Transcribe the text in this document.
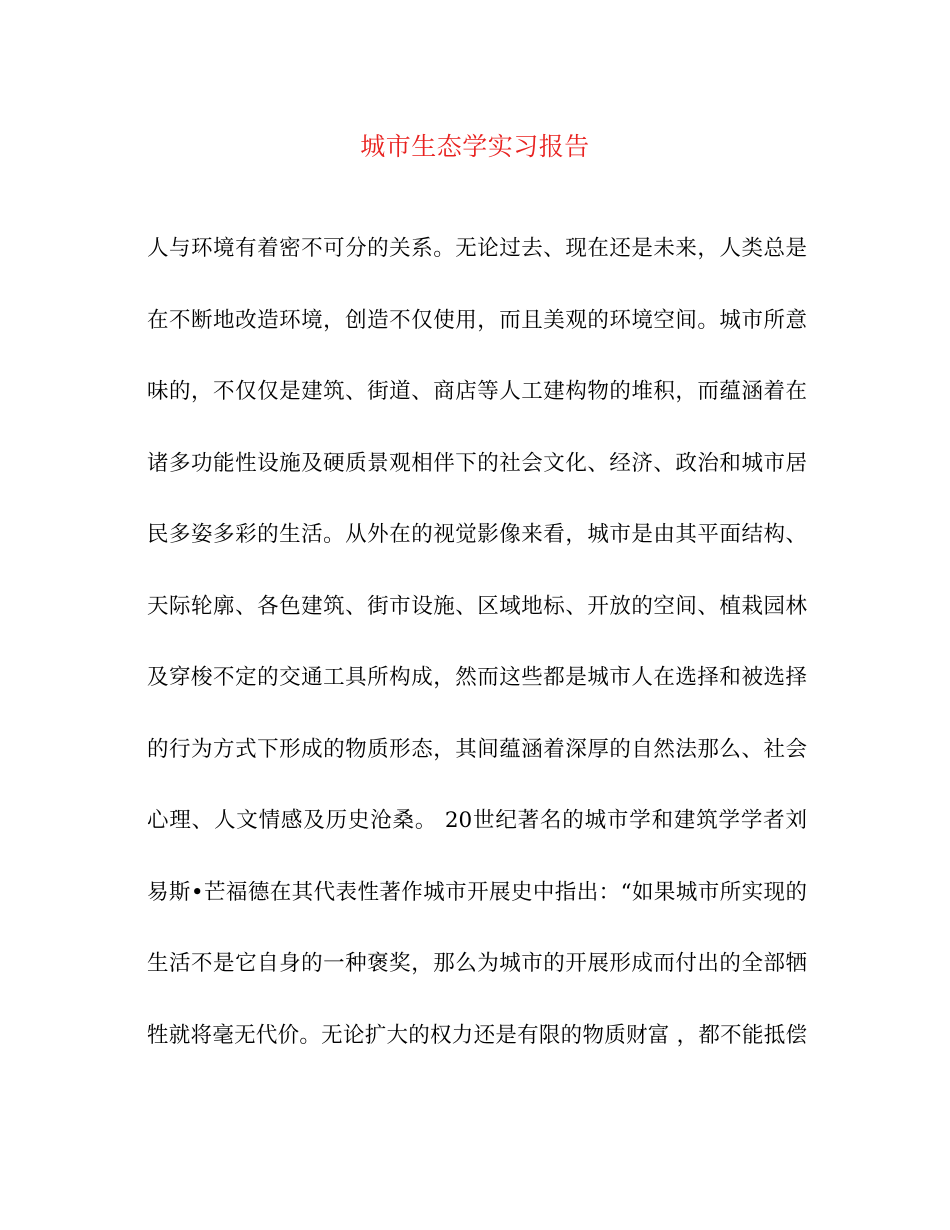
城市生态学实习报告
人与环境有着密不可分的关系。无论过去、现在还是未来，人类总是
在不断地改造环境，创造不仅使用，而且美观的环境空间。城市所意
味的，不仅仅是建筑、街道、商店等人工建构物的堆积，而蕴涵着在
诸多功能性设施及硬质景观相伴下的社会文化、经济、政治和城市居
民多姿多彩的生活。从外在的视觉影像来看，城市是由其平面结构、
天际轮廓、各色建筑、街市设施、区域地标、开放的空间、植栽园林
及穿梭不定的交通工具所构成，然而这些都是城市人在选择和被选择
的行为方式下形成的物质形态，其间蕴涵着深厚的自然法那么、社会
心理、人文情感及历史沧桑。 20世纪著名的城市学和建筑学学者刘
易斯•芒福德在其代表性著作城市开展史中指出：“如果城市所实现的
生活不是它自身的一种褒奖，那么为城市的开展形成而付出的全部牺
牲就将毫无代价。无论扩大的权力还是有限的物质财富 ，都不能抵偿
